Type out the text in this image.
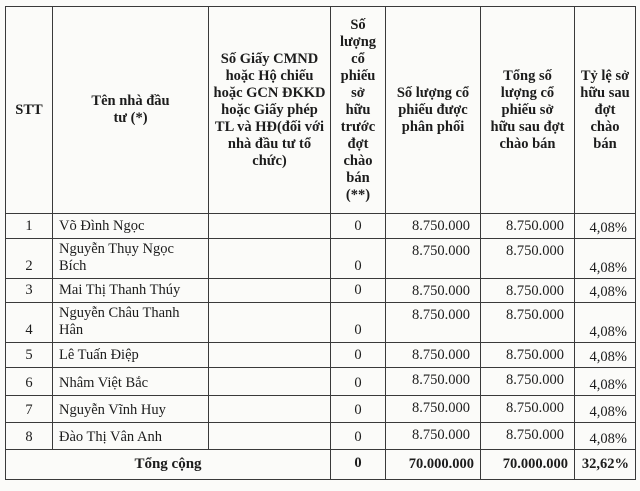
STT	Tên nhà đầu tư (*)	Số Giấy CMND hoặc Hộ chiếu hoặc GCN ĐKKD hoặc Giấy phép TL và HĐ(đối với nhà đầu tư tổ chức)	Số lượng cổ phiếu sở hữu trước đợt chào bán (**)	Số lượng cổ phiếu được phân phối	Tổng số lượng cổ phiếu sở hữu sau đợt chào bán	Tỷ lệ sở hữu sau đợt chào bán
1	Võ Đình Ngọc		0	8.750.000	8.750.000	4,08%
2	Nguyễn Thụy Ngọc Bích		0	8.750.000	8.750.000	4,08%
3	Mai Thị Thanh Thúy		0	8.750.000	8.750.000	4,08%
4	Nguyễn Châu Thanh Hân		0	8.750.000	8.750.000	4,08%
5	Lê Tuấn Điệp		0	8.750.000	8.750.000	4,08%
6	Nhâm Việt Bắc		0	8.750.000	8.750.000	4,08%
7	Nguyễn Vĩnh Huy		0	8.750.000	8.750.000	4,08%
8	Đào Thị Vân Anh		0	8.750.000	8.750.000	4,08%
Tổng cộng			0	70.000.000	70.000.000	32,62%
